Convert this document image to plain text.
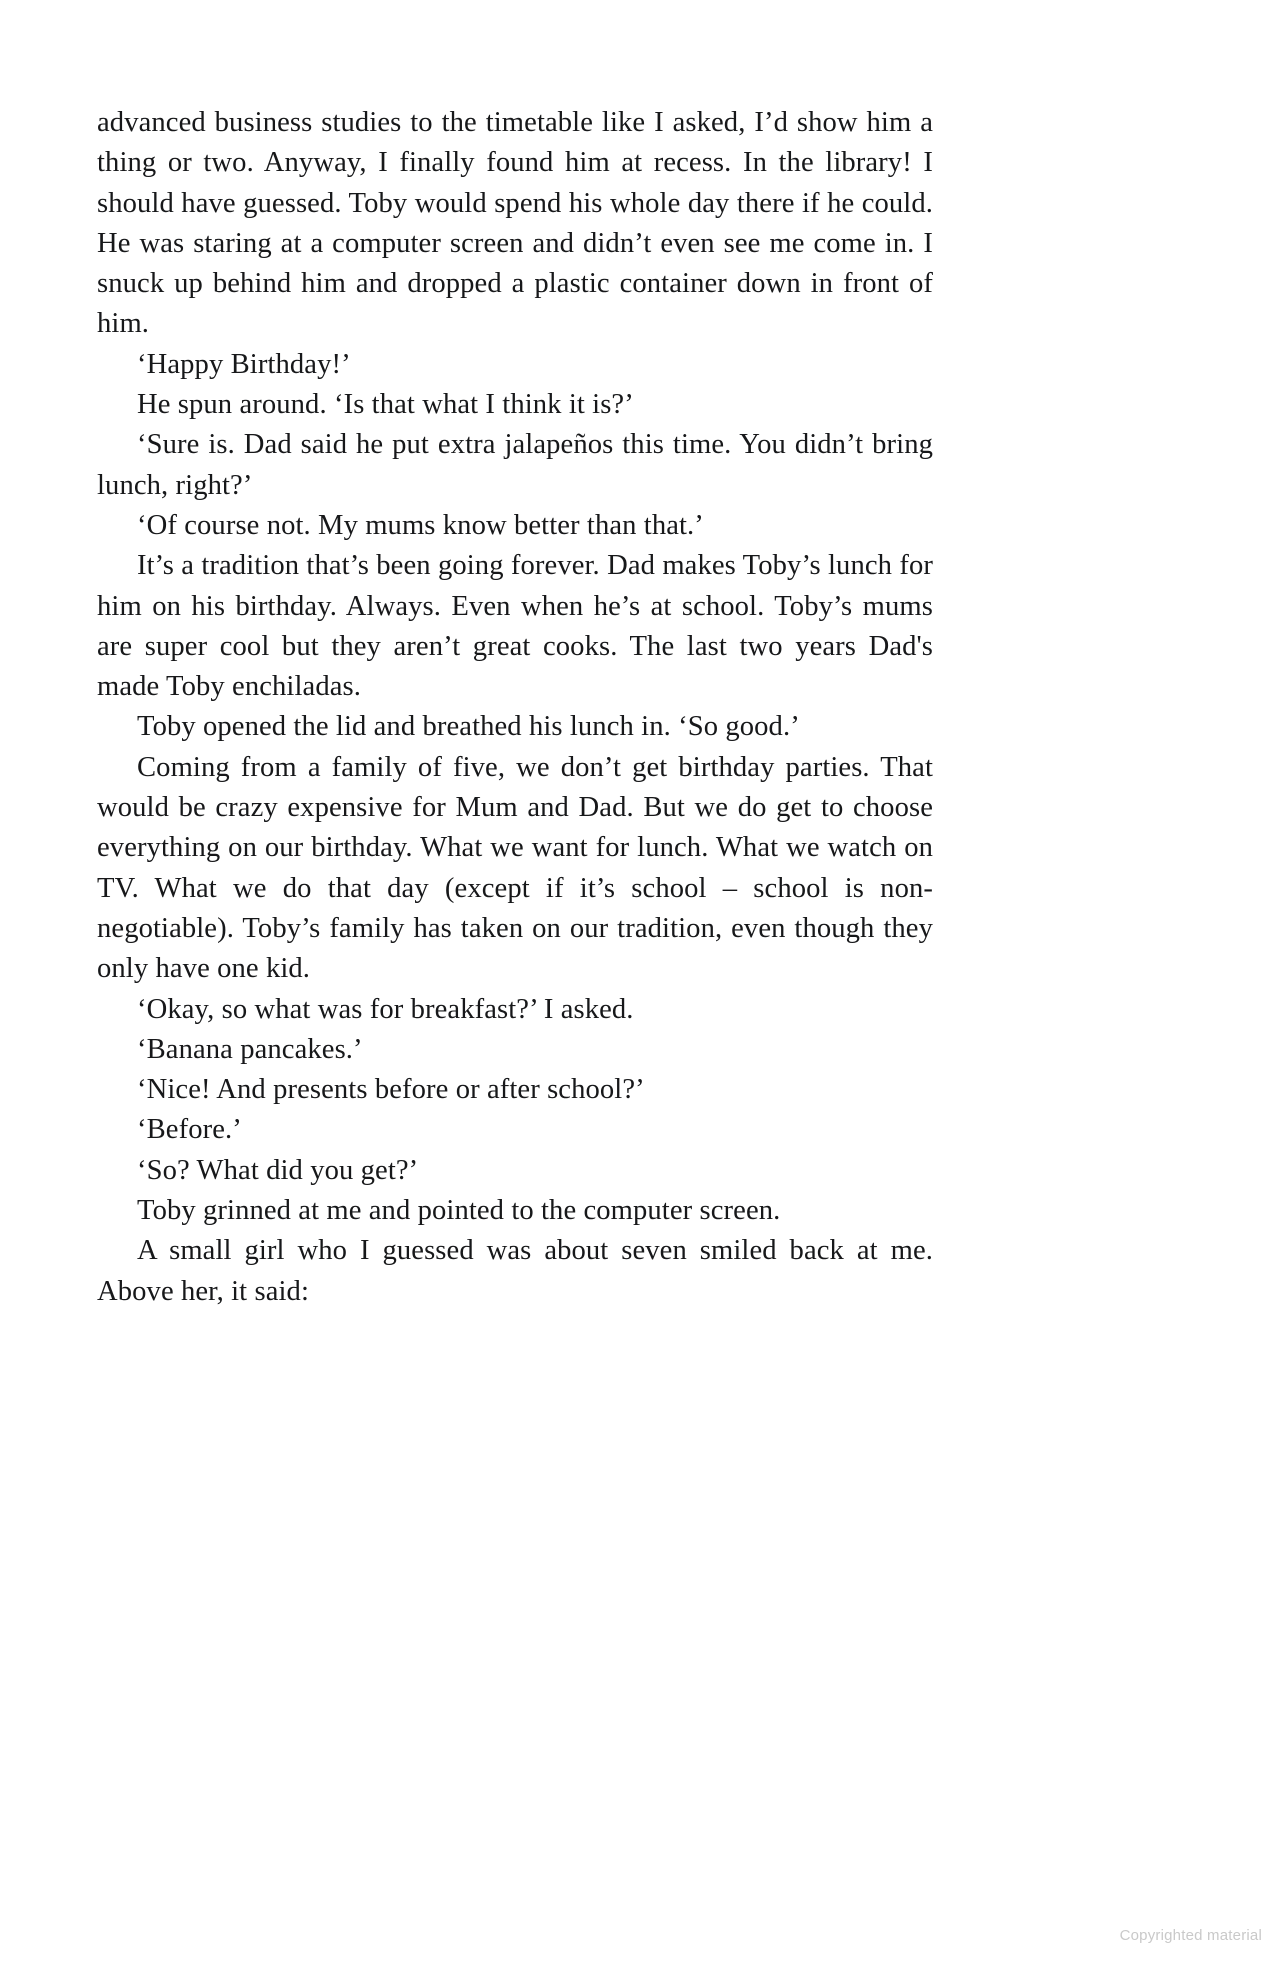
advanced business studies to the timetable like I asked, I’d show him a thing or two. Anyway, I finally found him at recess. In the library! I should have guessed. Toby would spend his whole day there if he could. He was staring at a computer screen and didn’t even see me come in. I snuck up behind him and dropped a plastic container down in front of him.

‘Happy Birthday!’

He spun around. ‘Is that what I think it is?’

‘Sure is. Dad said he put extra jalapeños this time. You didn’t bring lunch, right?’

‘Of course not. My mums know better than that.’

It’s a tradition that’s been going forever. Dad makes Toby’s lunch for him on his birthday. Always. Even when he’s at school. Toby’s mums are super cool but they aren’t great cooks. The last two years Dad's made Toby enchiladas.

Toby opened the lid and breathed his lunch in. ‘So good.’

Coming from a family of five, we don’t get birthday parties. That would be crazy expensive for Mum and Dad. But we do get to choose everything on our birthday. What we want for lunch. What we watch on TV. What we do that day (except if it’s school – school is non-negotiable). Toby’s family has taken on our tradition, even though they only have one kid.

‘Okay, so what was for breakfast?’ I asked.

‘Banana pancakes.’

‘Nice! And presents before or after school?’

‘Before.’

‘So? What did you get?’

Toby grinned at me and pointed to the computer screen.

A small girl who I guessed was about seven smiled back at me. Above her, it said:

Copyrighted material
